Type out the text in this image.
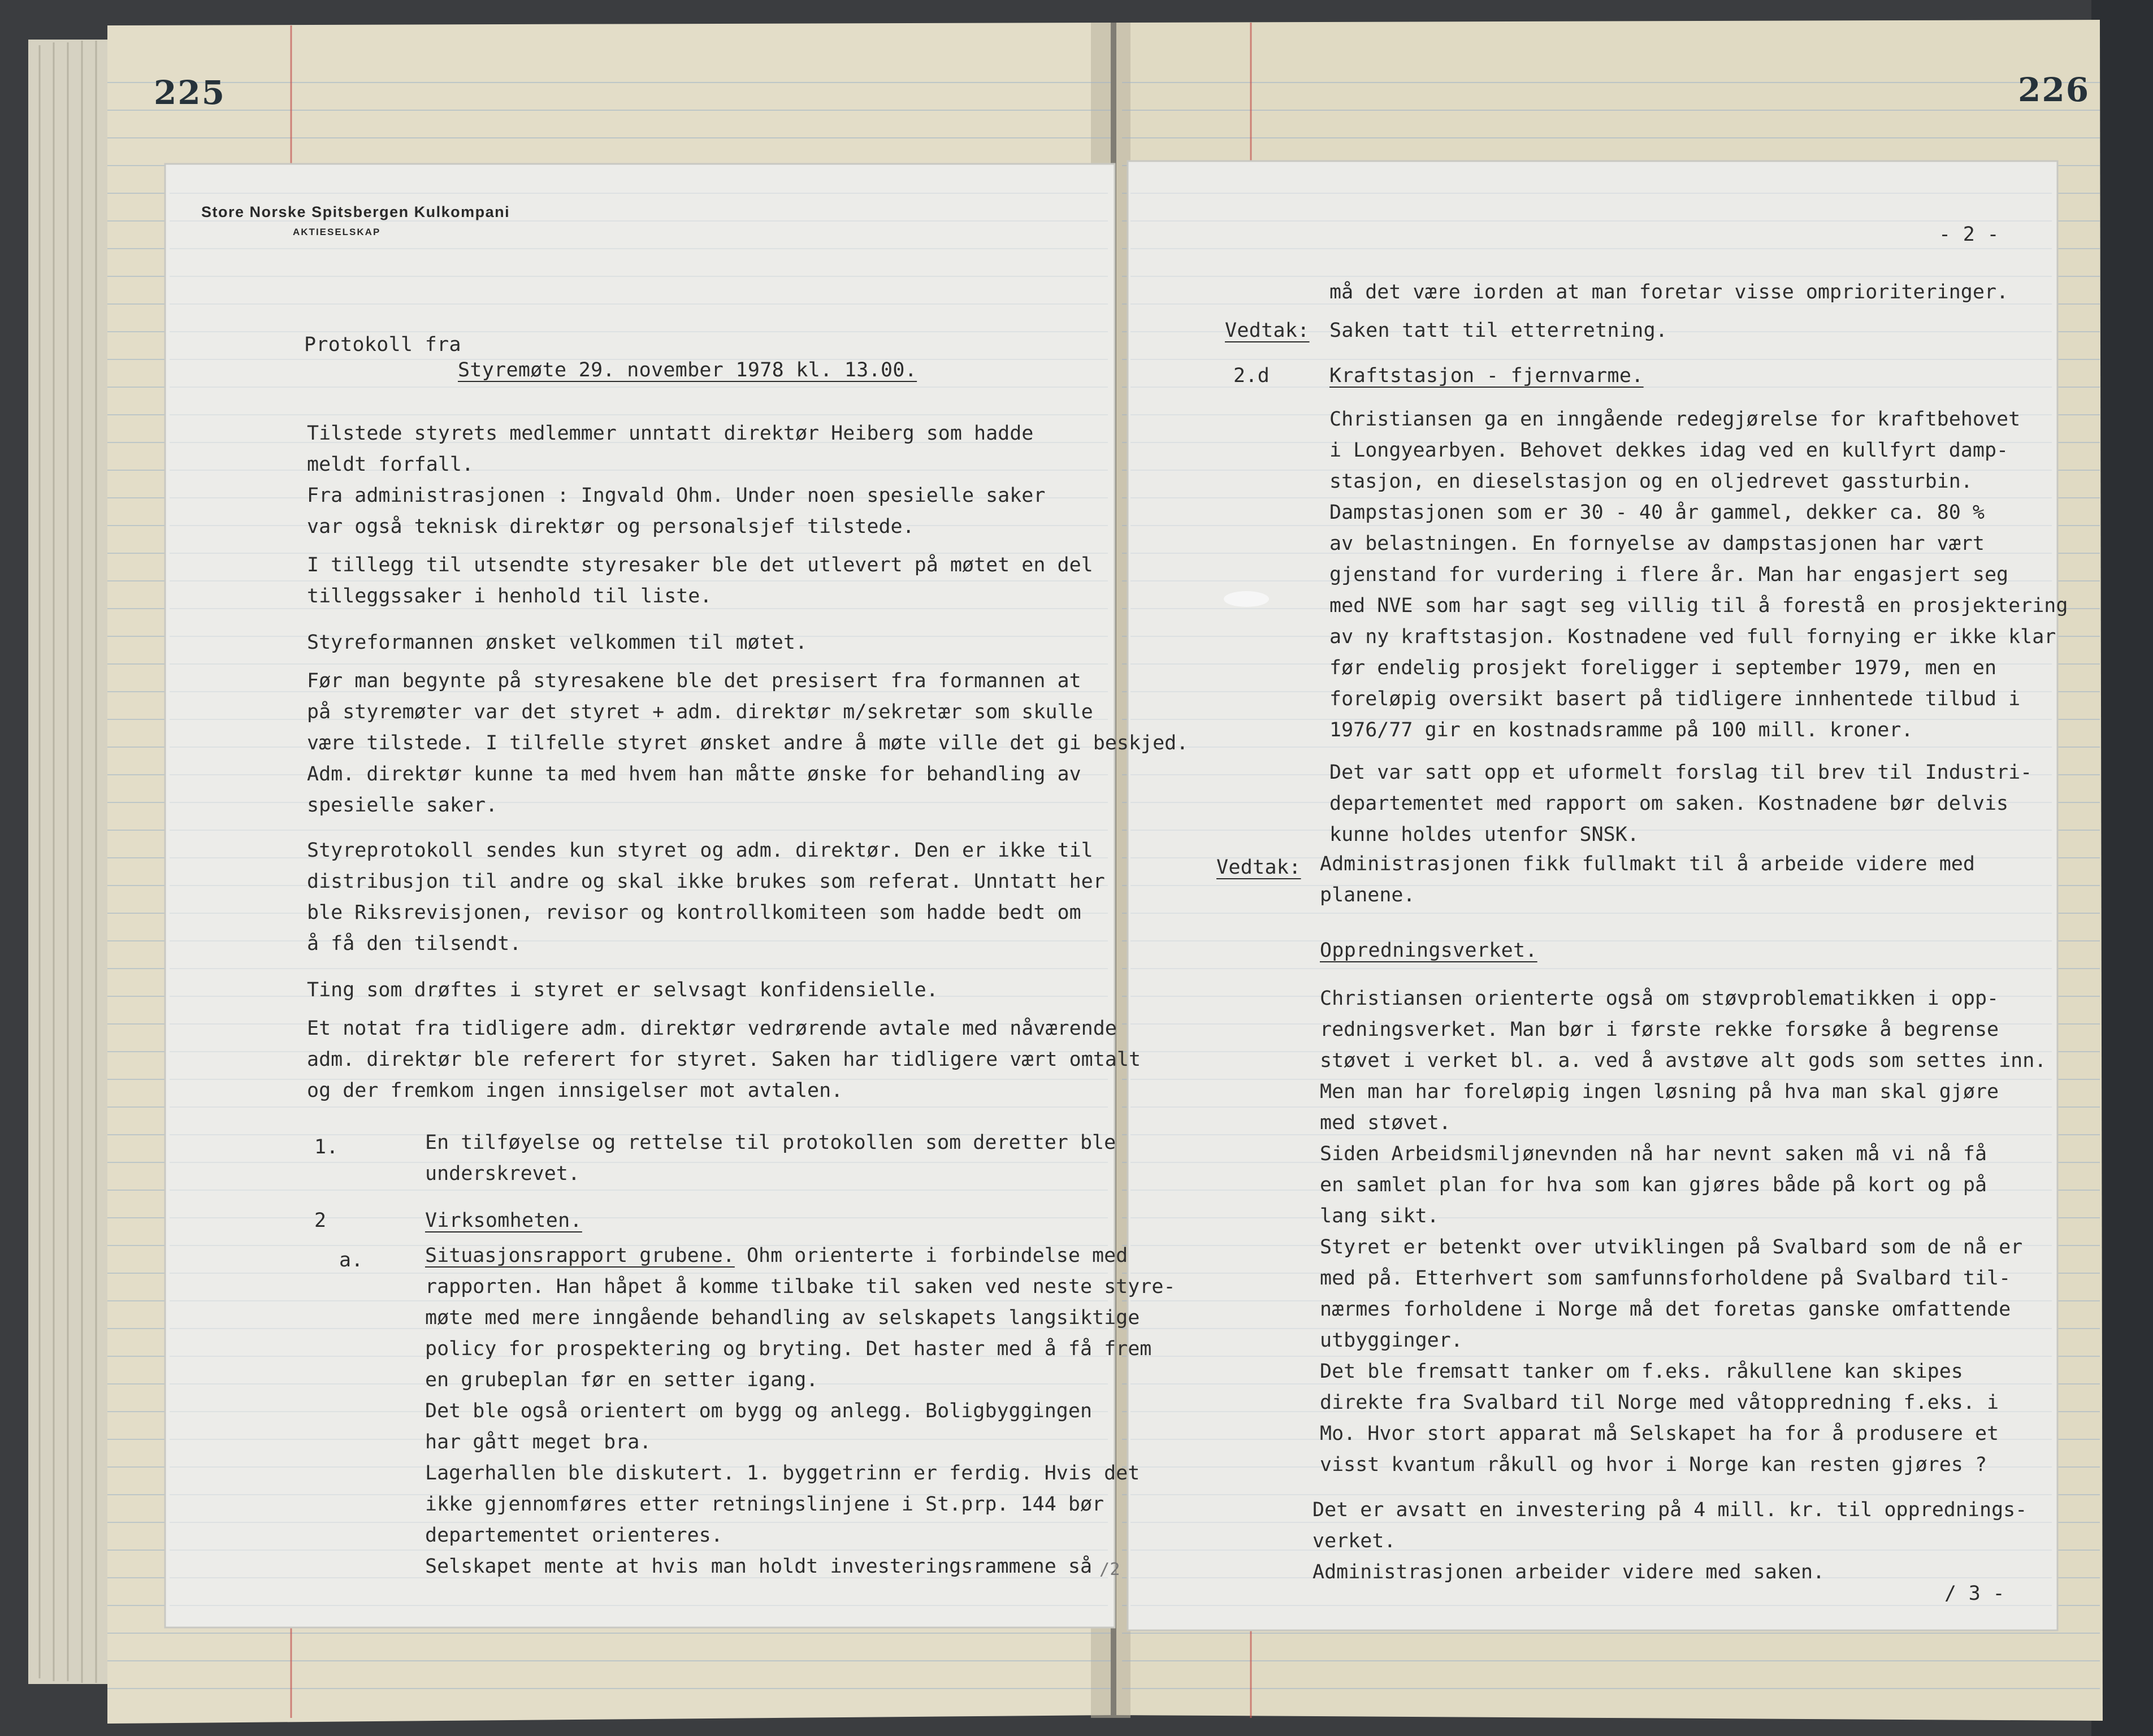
225
Store Norske Spitsbergen Kulkompani
AKTIESELSKAP
Protokoll fra
Styremøte 29. november 1978 kl. 13.00.
Tilstede styrets medlemmer unntatt direktør Heiberg som hadde
meldt forfall.
Fra administrasjonen : Ingvald Ohm. Under noen spesielle saker
var også teknisk direktør og personalsjef tilstede.
I tillegg til utsendte styresaker ble det utlevert på møtet en del
tilleggssaker i henhold til liste.
Styreformannen ønsket velkommen til møtet.
Før man begynte på styresakene ble det presisert fra formannen at
på styremøter var det styret + adm. direktør m/sekretær som skulle
være tilstede. I tilfelle styret ønsket andre å møte ville det gi beskjed.
Adm. direktør kunne ta med hvem han måtte ønske for behandling av
spesielle saker.
Styreprotokoll sendes kun styret og adm. direktør. Den er ikke til
distribusjon til andre og skal ikke brukes som referat. Unntatt her
ble Riksrevisjonen, revisor og kontrollkomiteen som hadde bedt om
å få den tilsendt.
Ting som drøftes i styret er selvsagt konfidensielle.
Et notat fra tidligere adm. direktør vedrørende avtale med nåværende
adm. direktør ble referert for styret. Saken har tidligere vært omtalt
og der fremkom ingen innsigelser mot avtalen.
1.	En tilføyelse og rettelse til protokollen som deretter ble
underskrevet.
2	Virksomheten.
a.	Situasjonsrapport grubene. Ohm orienterte i forbindelse med
rapporten. Han håpet å komme tilbake til saken ved neste styre-
møte med mere inngående behandling av selskapets langsiktige
policy for prospektering og bryting. Det haster med å få frem
en grubeplan før en setter igang.
Det ble også orientert om bygg og anlegg. Boligbyggingen
har gått meget bra.
Lagerhallen ble diskutert. 1. byggetrinn er ferdig. Hvis det
ikke gjennomføres etter retningslinjene i St.prp. 144 bør
departementet orienteres.
Selskapet mente at hvis man holdt investeringsrammene så /2
226
- 2 -
må det være iorden at man foretar visse omprioriteringer.
Vedtak: Saken tatt til etterretning.
2.d	Kraftstasjon - fjernvarme.
Christiansen ga en inngående redegjørelse for kraftbehovet
i Longyearbyen. Behovet dekkes idag ved en kullfyrt damp-
stasjon, en dieselstasjon og en oljedrevet gassturbin.
Dampstasjonen som er 30 - 40 år gammel, dekker ca. 80 %
av belastningen. En fornyelse av dampstasjonen har vært
gjenstand for vurdering i flere år. Man har engasjert seg
med NVE som har sagt seg villig til å forestå en prosjektering
av ny kraftstasjon. Kostnadene ved full fornying er ikke klar
før endelig prosjekt foreligger i september 1979, men en
foreløpig oversikt basert på tidligere innhentede tilbud i
1976/77 gir en kostnadsramme på 100 mill. kroner.
Det var satt opp et uformelt forslag til brev til Industri-
departementet med rapport om saken. Kostnadene bør delvis
kunne holdes utenfor SNSK.
Vedtak: Administrasjonen fikk fullmakt til å arbeide videre med
planene.
Oppredningsverket.
Christiansen orienterte også om støvproblematikken i opp-
redningsverket. Man bør i første rekke forsøke å begrense
støvet i verket bl. a. ved å avstøve alt gods som settes inn.
Men man har foreløpig ingen løsning på hva man skal gjøre
med støvet.
Siden Arbeidsmiljønevnden nå har nevnt saken må vi nå få
en samlet plan for hva som kan gjøres både på kort og på
lang sikt.
Styret er betenkt over utviklingen på Svalbard som de nå er
med på. Etterhvert som samfunnsforholdene på Svalbard til-
nærmes forholdene i Norge må det foretas ganske omfattende
utbygginger.
Det ble fremsatt tanker om f.eks. råkullene kan skipes
direkte fra Svalbard til Norge med våtoppredning f.eks. i
Mo. Hvor stort apparat må Selskapet ha for å produsere et
visst kvantum råkull og hvor i Norge kan resten gjøres ?
Det er avsatt en investering på 4 mill. kr. til opprednings-
verket.
Administrasjonen arbeider videre med saken.
/ 3 -
